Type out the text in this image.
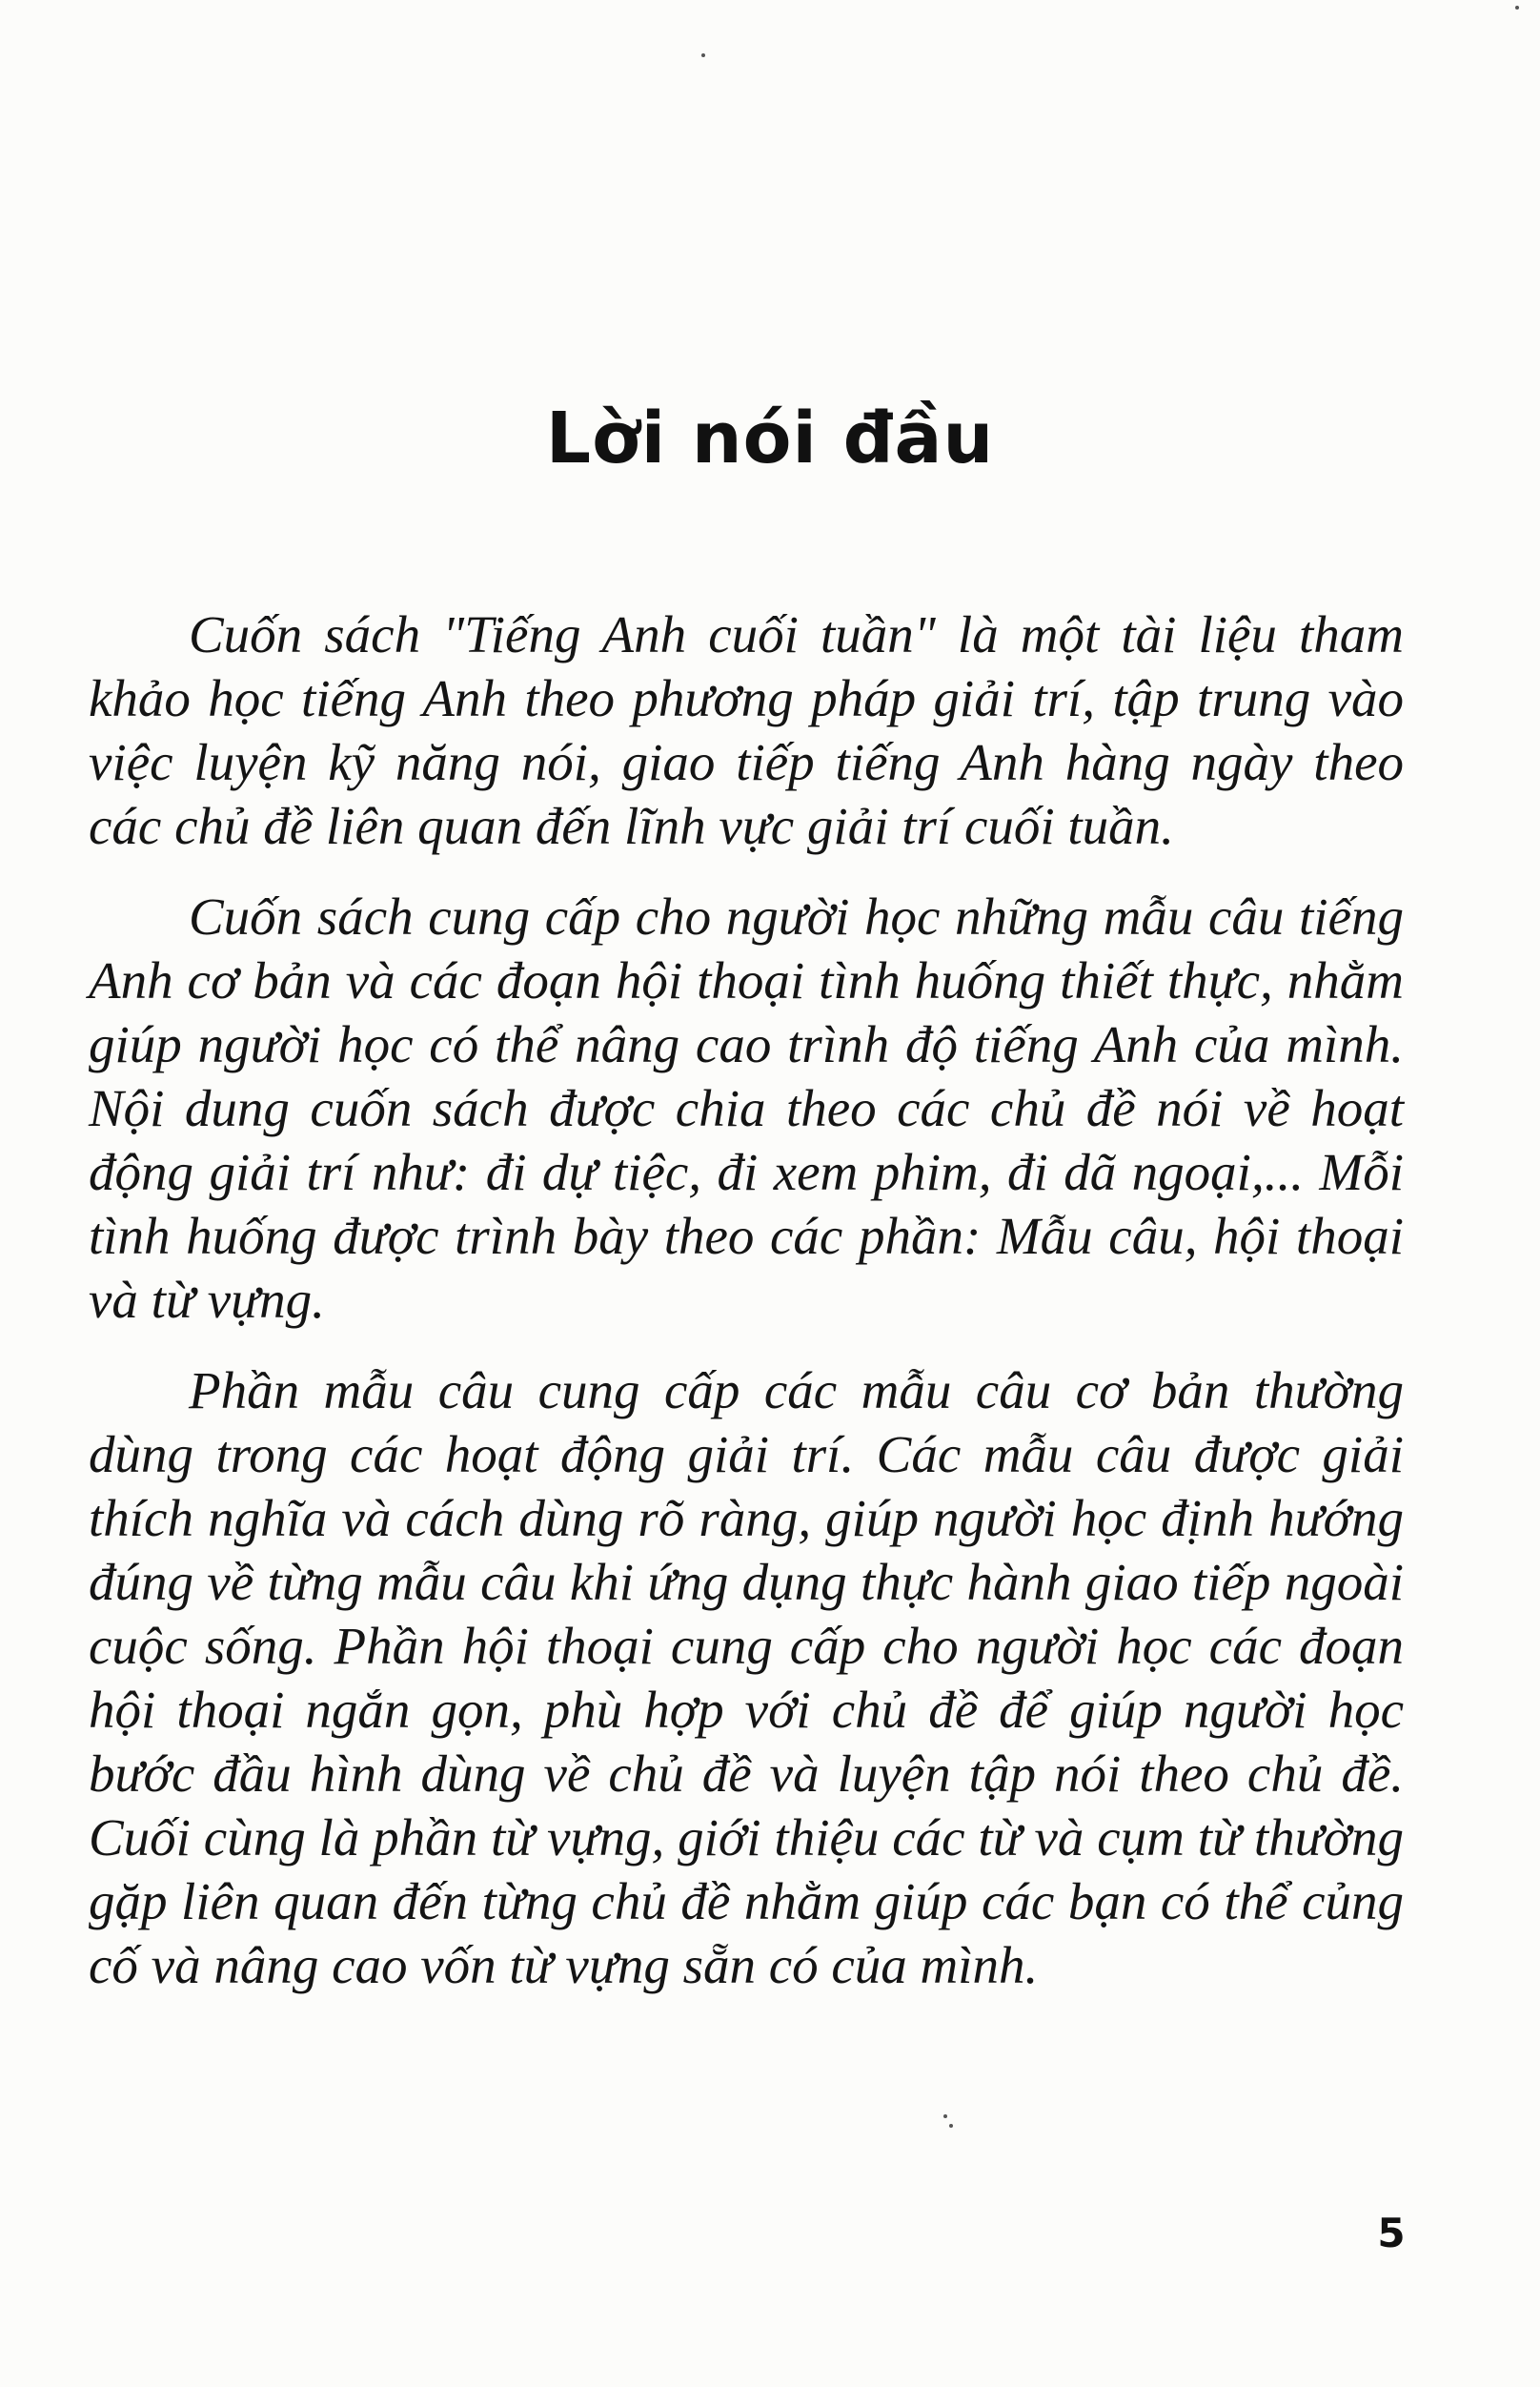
Lời nói đầu

Cuốn sách "Tiếng Anh cuối tuần" là một tài liệu tham khảo học tiếng Anh theo phương pháp giải trí, tập trung vào việc luyện kỹ năng nói, giao tiếp tiếng Anh hàng ngày theo các chủ đề liên quan đến lĩnh vực giải trí cuối tuần.

Cuốn sách cung cấp cho người học những mẫu câu tiếng Anh cơ bản và các đoạn hội thoại tình huống thiết thực, nhằm giúp người học có thể nâng cao trình độ tiếng Anh của mình. Nội dung cuốn sách được chia theo các chủ đề nói về hoạt động giải trí như: đi dự tiệc, đi xem phim, đi dã ngoại,... Mỗi tình huống được trình bày theo các phần: Mẫu câu, hội thoại và từ vựng.

Phần mẫu câu cung cấp các mẫu câu cơ bản thường dùng trong các hoạt động giải trí. Các mẫu câu được giải thích nghĩa và cách dùng rõ ràng, giúp người học định hướng đúng về từng mẫu câu khi ứng dụng thực hành giao tiếp ngoài cuộc sống. Phần hội thoại cung cấp cho người học các đoạn hội thoại ngắn gọn, phù hợp với chủ đề để giúp người học bước đầu hình dùng về chủ đề và luyện tập nói theo chủ đề. Cuối cùng là phần từ vựng, giới thiệu các từ và cụm từ thường gặp liên quan đến từng chủ đề nhằm giúp các bạn có thể củng cố và nâng cao vốn từ vựng sẵn có của mình.

5
